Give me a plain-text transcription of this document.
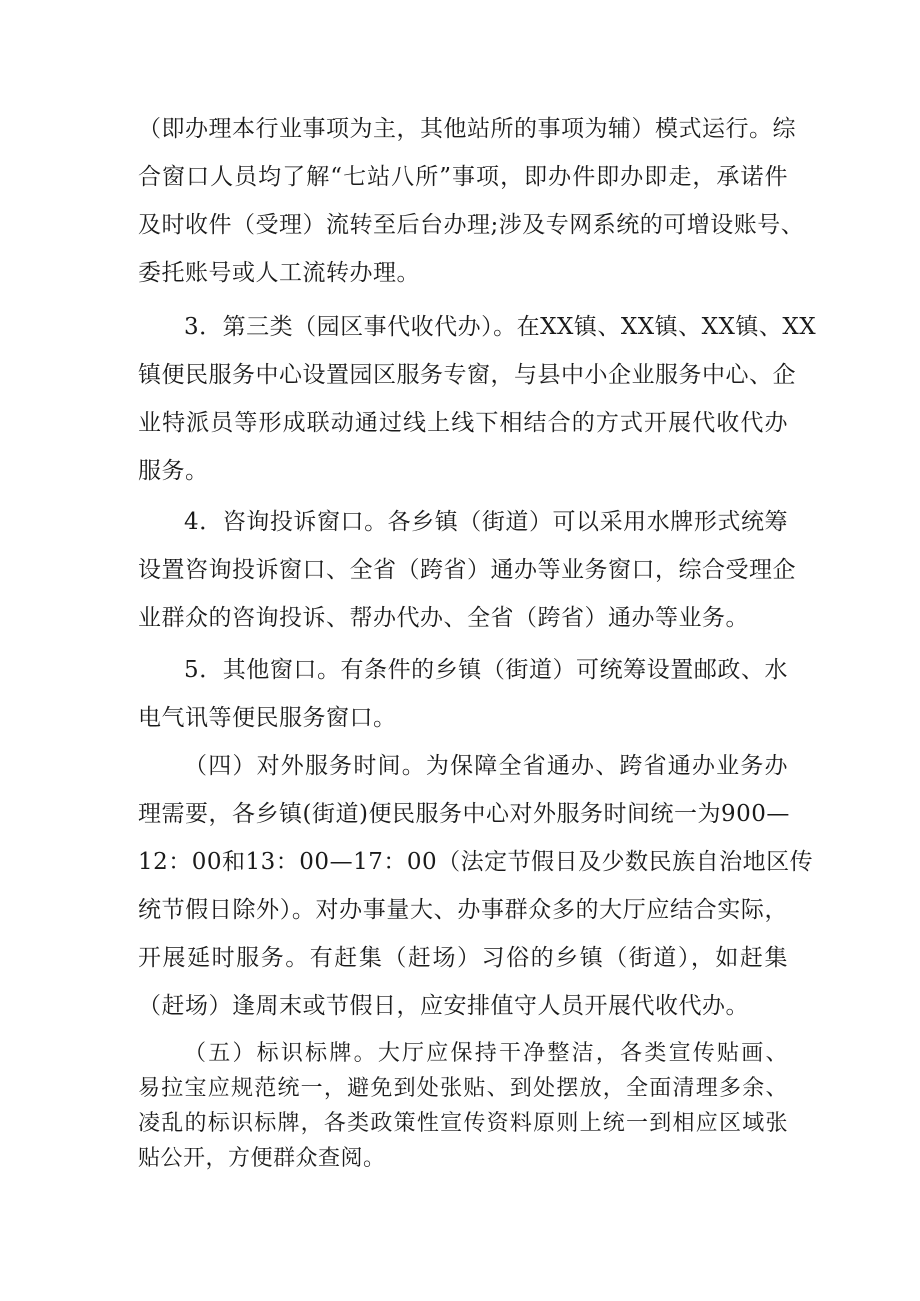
（即办理本行业事项为主，其他站所的事项为辅）模式运行。综
合窗口人员均了解“七站八所”事项，即办件即办即走，承诺件
及时收件（受理）流转至后台办理;涉及专网系统的可增设账号、
委托账号或人工流转办理。
3．第三类（园区事代收代办）。在XX镇、XX镇、XX镇、XX
镇便民服务中心设置园区服务专窗，与县中小企业服务中心、企
业特派员等形成联动通过线上线下相结合的方式开展代收代办
服务。
4．咨询投诉窗口。各乡镇（街道）可以采用水牌形式统筹
设置咨询投诉窗口、全省（跨省）通办等业务窗口，综合受理企
业群众的咨询投诉、帮办代办、全省（跨省）通办等业务。
5．其他窗口。有条件的乡镇（街道）可统筹设置邮政、水
电气讯等便民服务窗口。
（四）对外服务时间。为保障全省通办、跨省通办业务办
理需要，各乡镇(街道)便民服务中心对外服务时间统一为900—
12：00和13：00—17：00（法定节假日及少数民族自治地区传
统节假日除外）。对办事量大、办事群众多的大厅应结合实际，
开展延时服务。有赶集（赶场）习俗的乡镇（街道），如赶集
（赶场）逢周末或节假日，应安排值守人员开展代收代办。
（五）标识标牌。大厅应保持干净整洁，各类宣传贴画、
易拉宝应规范统一，避免到处张贴、到处摆放，全面清理多余、
凌乱的标识标牌，各类政策性宣传资料原则上统一到相应区域张
贴公开，方便群众查阅。
